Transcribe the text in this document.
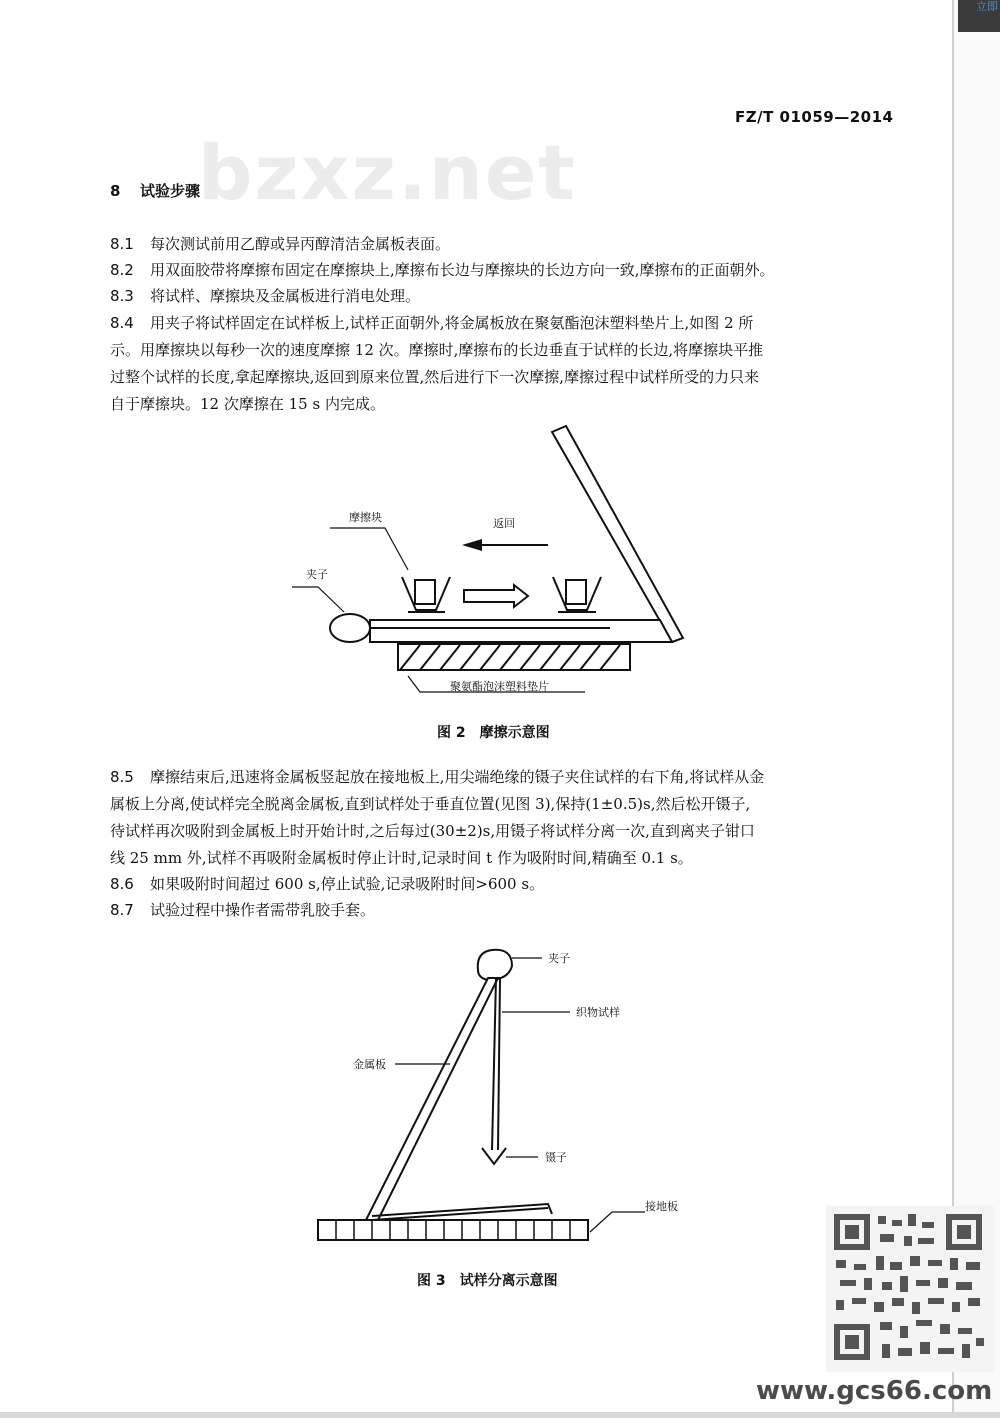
立即
bzxz.net
FZ/T 01059—2014
8 试验步骤
8.1 每次测试前用乙醇或异丙醇清洁金属板表面。
8.2 用双面胶带将摩擦布固定在摩擦块上,摩擦布长边与摩擦块的长边方向一致,摩擦布的正面朝外。
8.3 将试样、摩擦块及金属板进行消电处理。
8.4 用夹子将试样固定在试样板上,试样正面朝外,将金属板放在聚氨酯泡沫塑料垫片上,如图 2 所
示。用摩擦块以每秒一次的速度摩擦 12 次。摩擦时,摩擦布的长边垂直于试样的长边,将摩擦块平推
过整个试样的长度,拿起摩擦块,返回到原来位置,然后进行下一次摩擦,摩擦过程中试样所受的力只来
自于摩擦块。12 次摩擦在 15 s 内完成。
摩擦块	返回
夹子
聚氨酯泡沫塑料垫片
图 2　摩擦示意图
8.5 摩擦结束后,迅速将金属板竖起放在接地板上,用尖端绝缘的镊子夹住试样的右下角,将试样从金
属板上分离,使试样完全脱离金属板,直到试样处于垂直位置(见图 3),保持(1±0.5)s,然后松开镊子,
待试样再次吸附到金属板上时开始计时,之后每过(30±2)s,用镊子将试样分离一次,直到离夹子钳口
线 25 mm 外,试样不再吸附金属板时停止计时,记录时间 t 作为吸附时间,精确至 0.1 s。
8.6 如果吸附时间超过 600 s,停止试验,记录吸附时间>600 s。
8.7 试验过程中操作者需带乳胶手套。
夹子
织物试样
金属板
镊子
接地板
图 3　试样分离示意图
www.gcs66.com
